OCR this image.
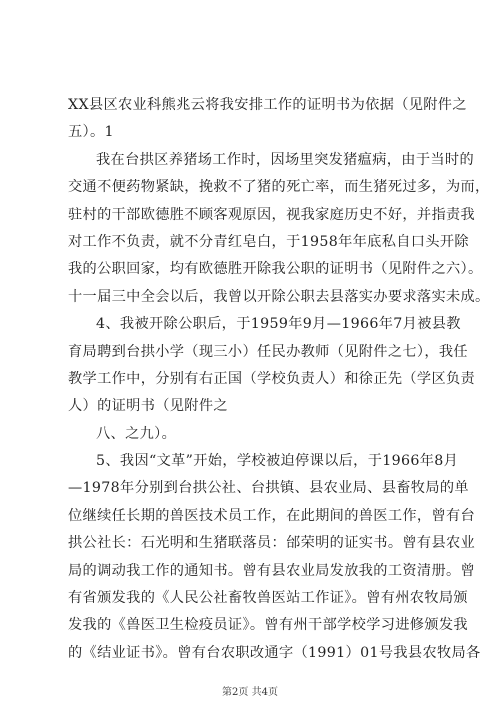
XX县区农业科熊兆云将我安排工作的证明书为依据（见附件之
五）。1
我在台拱区养猪场工作时，因场里突发猪瘟病，由于当时的
交通不便药物紧缺，挽救不了猪的死亡率，而生猪死过多，为而，
驻村的干部欧德胜不顾客观原因，视我家庭历史不好，并指责我
对工作不负责，就不分青红皂白，于1958年年底私自口头开除
我的公职回家，均有欧德胜开除我公职的证明书（见附件之六）。
十一届三中全会以后，我曾以开除公职去县落实办要求落实未成。
4、我被开除公职后，于1959年9月—1966年7月被县教
育局聘到台拱小学（现三小）任民办教师（见附件之七），我任
教学工作中，分别有右正国（学校负责人）和徐正先（学区负责
人）的证明书（见附件之
八、之九）。
5、我因“文革”开始，学校被迫停课以后，于1966年8月
—1978年分别到台拱公社、台拱镇、县农业局、县畜牧局的单
位继续任长期的兽医技术员工作，在此期间的兽医工作，曾有台
拱公社长：石光明和生猪联落员：邰荣明的证实书。曾有县农业
局的调动我工作的通知书。曾有县农业局发放我的工资清册。曾
有省颁发我的《人民公社畜牧兽医站工作证》。曾有州农牧局颁
发我的《兽医卫生检疫员证》。曾有州干部学校学习进修颁发我
的《结业证书》。曾有台农职改通字（1991）01号我县农牧局各
第2页 共4页
